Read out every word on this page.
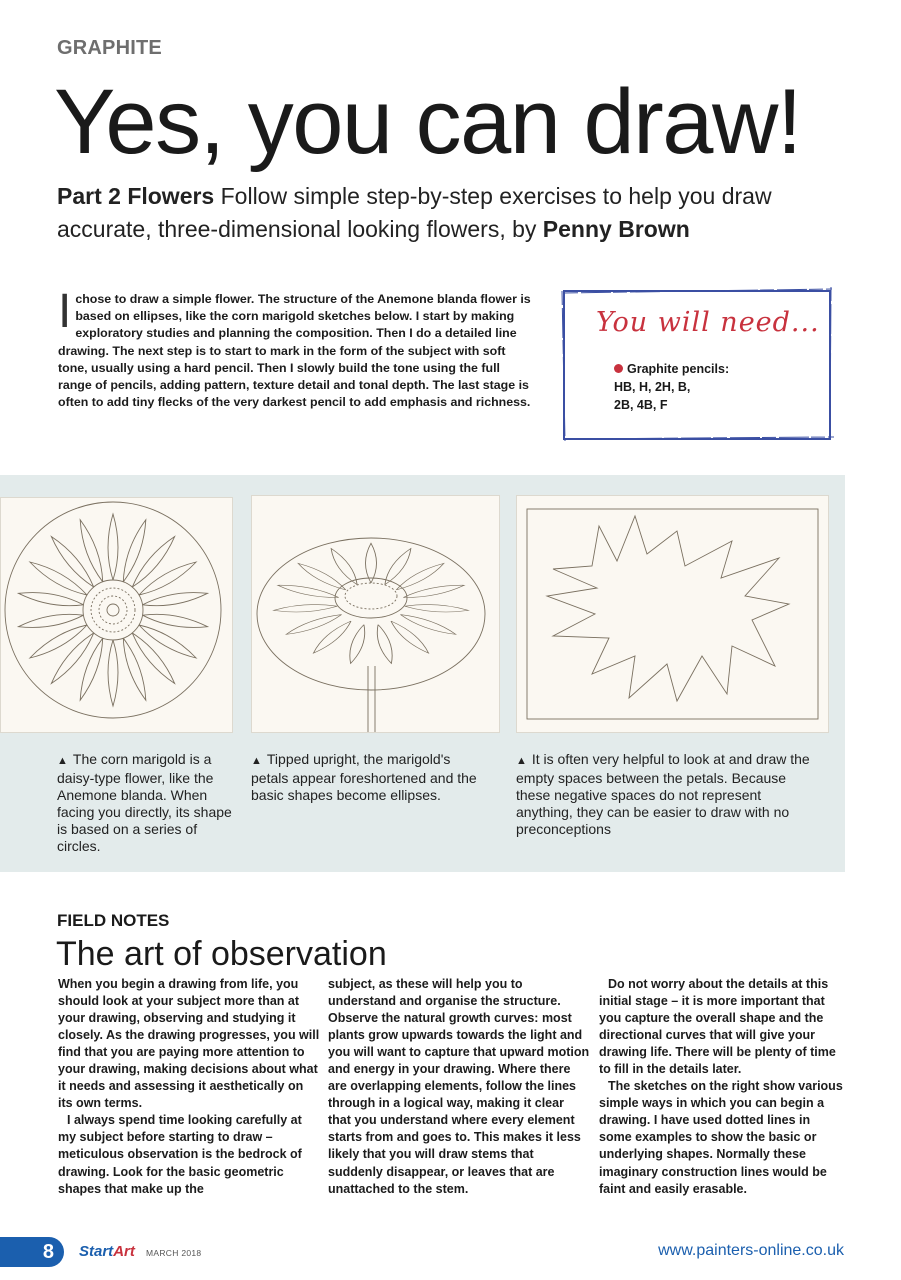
GRAPHITE
Yes, you can draw!
Part 2 Flowers Follow simple step-by-step exercises to help you draw accurate, three-dimensional looking flowers, by Penny Brown
Ichose to draw a simple flower. The structure of the Anemone blanda flower is based on ellipses, like the corn marigold sketches below. I start by making exploratory studies and planning the composition. Then I do a detailed line drawing. The next step is to start to mark in the form of the subject with soft tone, usually using a hard pencil. Then I slowly build the tone using the full range of pencils, adding pattern, texture detail and tonal depth. The last stage is often to add tiny flecks of the very darkest pencil to add emphasis and richness.
You will need...
Graphite pencils:
HB, H, 2H, B,
2B, 4B, F
▲ The corn marigold is a daisy-type flower, like the Anemone blanda. When facing you directly, its shape is based on a series of circles.
▲ Tipped upright, the marigold's petals appear foreshortened and the basic shapes become ellipses.
▲ It is often very helpful to look at and draw the empty spaces between the petals. Because these negative spaces do not represent anything, they can be easier to draw with no preconceptions
FIELD NOTES
The art of observation

When you begin a drawing from life, you should look at your subject more than at your drawing, observing and studying it closely. As the drawing progresses, you will find that you are paying more attention to your drawing, making decisions about what it needs and assessing it aesthetically on its own terms.

I always spend time looking carefully at my subject before starting to draw – meticulous observation is the bedrock of drawing. Look for the basic geometric shapes that make up the

subject, as these will help you to understand and organise the structure. Observe the natural growth curves: most plants grow upwards towards the light and you will want to capture that upward motion and energy in your drawing. Where there are overlapping elements, follow the lines through in a logical way, making it clear that you understand where every element starts from and goes to. This makes it less likely that you will draw stems that suddenly disappear, or leaves that are unattached to the stem.

Do not worry about the details at this initial stage – it is more important that you capture the overall shape and the directional curves that will give your drawing life. There will be plenty of time to fill in the details later.

The sketches on the right show various simple ways in which you can begin a drawing. I have used dotted lines in some examples to show the basic or underlying shapes. Normally these imaginary construction lines would be faint and easily erasable.

8	StartArt MARCH 2018	www.painters-online.co.uk
